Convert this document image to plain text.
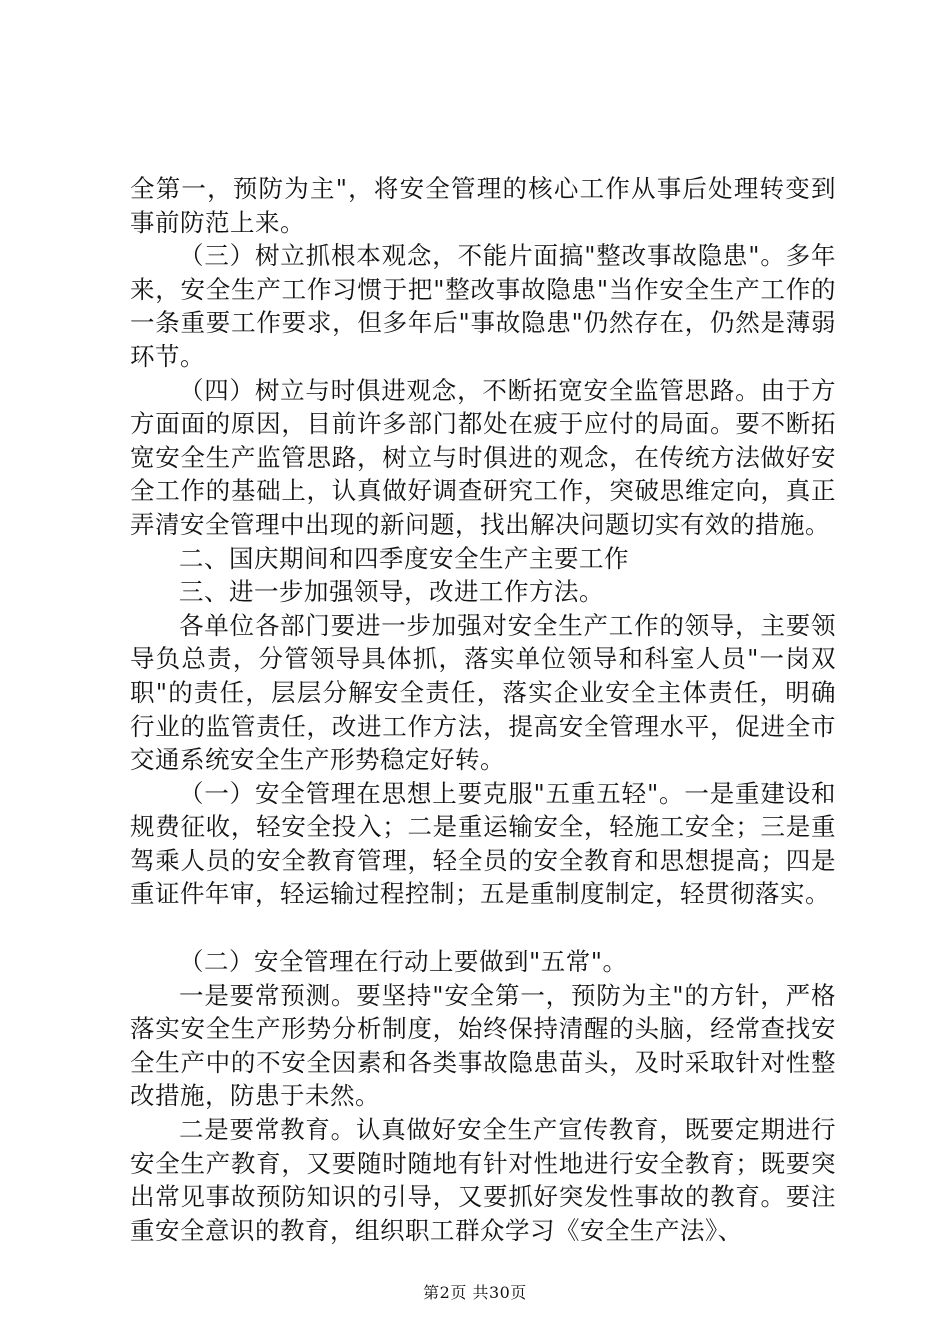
全第一，预防为主"，将安全管理的核心工作从事后处理转变到事前防范上来。

（三）树立抓根本观念，不能片面搞"整改事故隐患"。多年来，安全生产工作习惯于把"整改事故隐患"当作安全生产工作的一条重要工作要求，但多年后"事故隐患"仍然存在，仍然是薄弱环节。

（四）树立与时俱进观念，不断拓宽安全监管思路。由于方方面面的原因，目前许多部门都处在疲于应付的局面。要不断拓宽安全生产监管思路，树立与时俱进的观念，在传统方法做好安全工作的基础上，认真做好调查研究工作，突破思维定向，真正弄清安全管理中出现的新问题，找出解决问题切实有效的措施。

二、国庆期间和四季度安全生产主要工作

三、进一步加强领导，改进工作方法。

各单位各部门要进一步加强对安全生产工作的领导，主要领导负总责，分管领导具体抓，落实单位领导和科室人员"一岗双职"的责任，层层分解安全责任，落实企业安全主体责任，明确行业的监管责任，改进工作方法，提高安全管理水平，促进全市交通系统安全生产形势稳定好转。

（一）安全管理在思想上要克服"五重五轻"。一是重建设和规费征收，轻安全投入；二是重运输安全，轻施工安全；三是重驾乘人员的安全教育管理，轻全员的安全教育和思想提高；四是重证件年审，轻运输过程控制；五是重制度制定，轻贯彻落实。

（二）安全管理在行动上要做到"五常"。

一是要常预测。要坚持"安全第一，预防为主"的方针，严格落实安全生产形势分析制度，始终保持清醒的头脑，经常查找安全生产中的不安全因素和各类事故隐患苗头，及时采取针对性整改措施，防患于未然。

二是要常教育。认真做好安全生产宣传教育，既要定期进行安全生产教育，又要随时随地有针对性地进行安全教育；既要突出常见事故预防知识的引导，又要抓好突发性事故的教育。要注重安全意识的教育，组织职工群众学习《安全生产法》、

第2页 共30页
